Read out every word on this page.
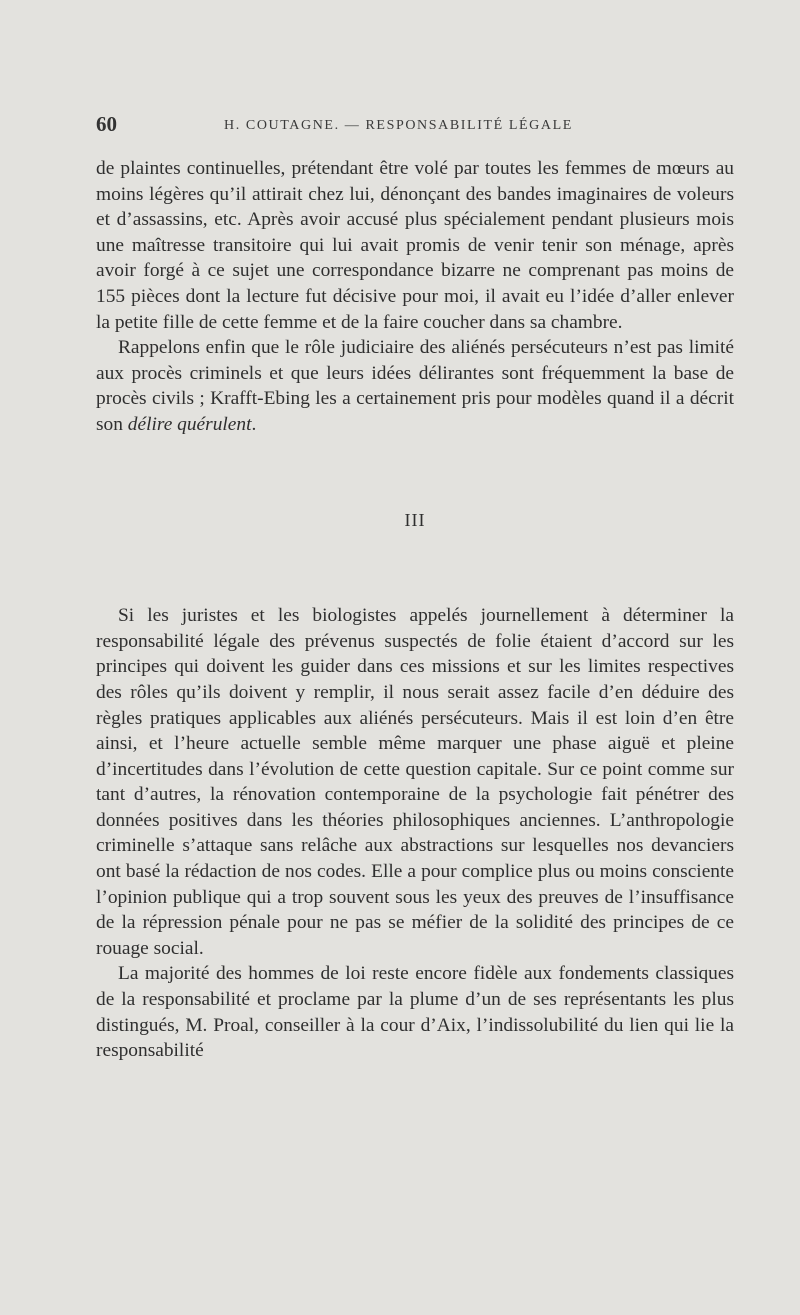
60	H. COUTAGNE. — RESPONSABILITÉ LÉGALE

de plaintes continuelles, prétendant être volé par toutes les femmes de mœurs au moins légères qu’il attirait chez lui, dénonçant des bandes imaginaires de voleurs et d’assassins, etc. Après avoir accusé plus spécialement pendant plusieurs mois une maîtresse transitoire qui lui avait promis de venir tenir son ménage, après avoir forgé à ce sujet une correspondance bizarre ne comprenant pas moins de 155 pièces dont la lecture fut décisive pour moi, il avait eu l’idée d’aller enlever la petite fille de cette femme et de la faire coucher dans sa chambre.

Rappelons enfin que le rôle judiciaire des aliénés persécuteurs n’est pas limité aux procès criminels et que leurs idées délirantes sont fréquemment la base de procès civils ; Krafft-Ebing les a certainement pris pour modèles quand il a décrit son délire quérulent.

III

Si les juristes et les biologistes appelés journellement à déterminer la responsabilité légale des prévenus suspectés de folie étaient d’accord sur les principes qui doivent les guider dans ces missions et sur les limites respectives des rôles qu’ils doivent y remplir, il nous serait assez facile d’en déduire des règles pratiques applicables aux aliénés persécuteurs. Mais il est loin d’en être ainsi, et l’heure actuelle semble même marquer une phase aiguë et pleine d’incertitudes dans l’évolution de cette question capitale. Sur ce point comme sur tant d’autres, la rénovation contemporaine de la psychologie fait pénétrer des données positives dans les théories philosophiques anciennes. L’anthropologie criminelle s’attaque sans relâche aux abstractions sur lesquelles nos devanciers ont basé la rédaction de nos codes. Elle a pour complice plus ou moins consciente l’opinion publique qui a trop souvent sous les yeux des preuves de l’insuffisance de la répression pénale pour ne pas se méfier de la solidité des principes de ce rouage social.

La majorité des hommes de loi reste encore fidèle aux fondements classiques de la responsabilité et proclame par la plume d’un de ses représentants les plus distingués, M. Proal, conseiller à la cour d’Aix, l’indissolubilité du lien qui lie la responsabilité
